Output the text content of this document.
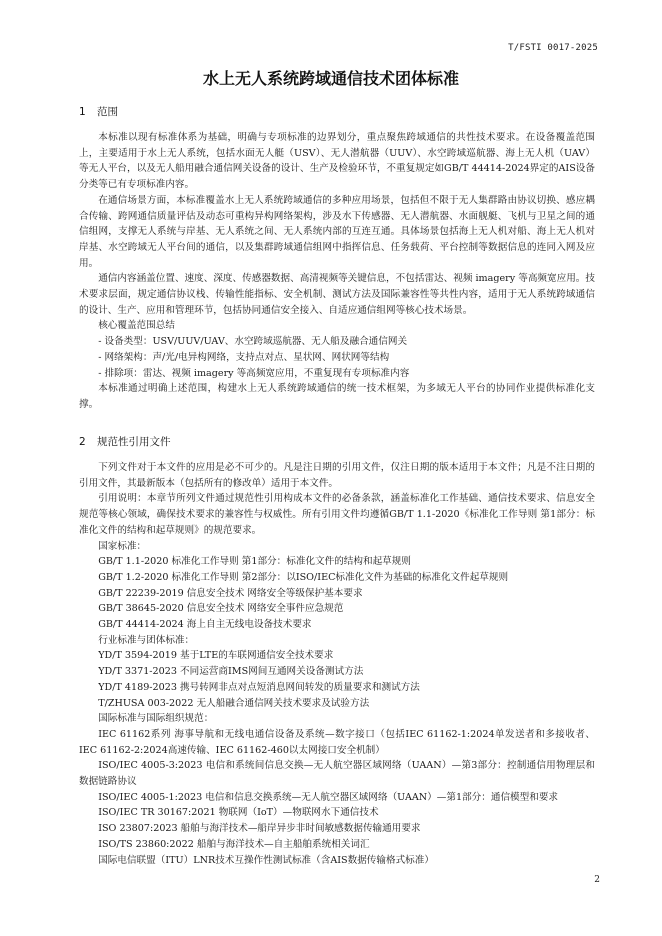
T/FSTI 0017-2025
水上无人系统跨域通信技术团体标准
1 范围

本标准以现有标准体系为基础，明确与专项标准的边界划分，重点聚焦跨域通信的共性技术要求。在设备覆盖范围上，主要适用于水上无人系统，包括水面无人艇（USV）、无人潜航器（UUV）、水空跨域巡航器、海上无人机（UAV）等无人平台，以及无人船用融合通信网关设备的设计、生产及检验环节，不重复规定如GB/T 44414-2024界定的AIS设备分类等已有专项标准内容。

在通信场景方面，本标准覆盖水上无人系统跨域通信的多种应用场景，包括但不限于无人集群路由协议切换、感应耦合传输、跨网通信质量评估及动态可重构异构网络架构，涉及水下传感器、无人潜航器、水面舰艇、飞机与卫星之间的通信组网，支撑无人系统与岸基、无人系统之间、无人系统内部的互连互通。具体场景包括海上无人机对船、海上无人机对岸基、水空跨域无人平台间的通信，以及集群跨域通信组网中指挥信息、任务载荷、平台控制等数据信息的连同入网及应用。

通信内容涵盖位置、速度、深度、传感器数据、高清视频等关键信息，不包括雷达、视频 imagery 等高频宽应用。技术要求层面，规定通信协议栈、传输性能指标、安全机制、测试方法及国际兼容性等共性内容，适用于无人系统跨域通信的设计、生产、应用和管理环节，包括协同通信安全接入、自适应通信组网等核心技术场景。

核心覆盖范围总结

- 设备类型：USV/UUV/UAV、水空跨域巡航器、无人船及融合通信网关

- 网络架构：声/光/电异构网络，支持点对点、星状网、网状网等结构

- 排除项：雷达、视频 imagery 等高频宽应用，不重复现有专项标准内容

本标准通过明确上述范围，构建水上无人系统跨域通信的统一技术框架，为多域无人平台的协同作业提供标准化支撑。

2 规范性引用文件

下列文件对于本文件的应用是必不可少的。凡是注日期的引用文件，仅注日期的版本适用于本文件；凡是不注日期的引用文件，其最新版本（包括所有的修改单）适用于本文件。

引用说明：本章节所列文件通过规范性引用构成本文件的必备条款，涵盖标准化工作基础、通信技术要求、信息安全规范等核心领域，确保技术要求的兼容性与权威性。所有引用文件均遵循GB/T 1.1-2020《标准化工作导则 第1部分：标准化文件的结构和起草规则》的规范要求。

国家标准：

GB/T 1.1-2020 标准化工作导则 第1部分：标准化文件的结构和起草规则

GB/T 1.2-2020 标准化工作导则 第2部分：以ISO/IEC标准化文件为基础的标准化文件起草规则

GB/T 22239-2019 信息安全技术 网络安全等级保护基本要求

GB/T 38645-2020 信息安全技术 网络安全事件应急规范

GB/T 44414-2024 海上自主无线电设备技术要求

行业标准与团体标准：

YD/T 3594-2019 基于LTE的车联网通信安全技术要求

YD/T 3371-2023 不同运营商IMS网间互通网关设备测试方法

YD/T 4189-2023 携号转网非点对点短消息网间转发的质量要求和测试方法

T/ZHUSA 003-2022 无人船融合通信网关技术要求及试验方法

国际标准与国际组织规范：

IEC 61162系列 海事导航和无线电通信设备及系统—数字接口（包括IEC 61162-1:2024单发送者和多接收者、IEC 61162-2:2024高速传输、IEC 61162-460以太网接口安全机制）

ISO/IEC 4005-3:2023 电信和系统间信息交换—无人航空器区域网络（UAAN）—第3部分：控制通信用物理层和数据链路协议

ISO/IEC 4005-1:2023 电信和信息交换系统—无人航空器区域网络（UAAN）—第1部分：通信模型和要求

ISO/IEC TR 30167:2021 物联网（IoT）—物联网水下通信技术

ISO 23807:2023 船舶与海洋技术—船岸异步非时间敏感数据传输通用要求

ISO/TS 23860:2022 船舶与海洋技术—自主船舶系统相关词汇

国际电信联盟（ITU）LNR技术互操作性测试标准（含AIS数据传输格式标准）

2
